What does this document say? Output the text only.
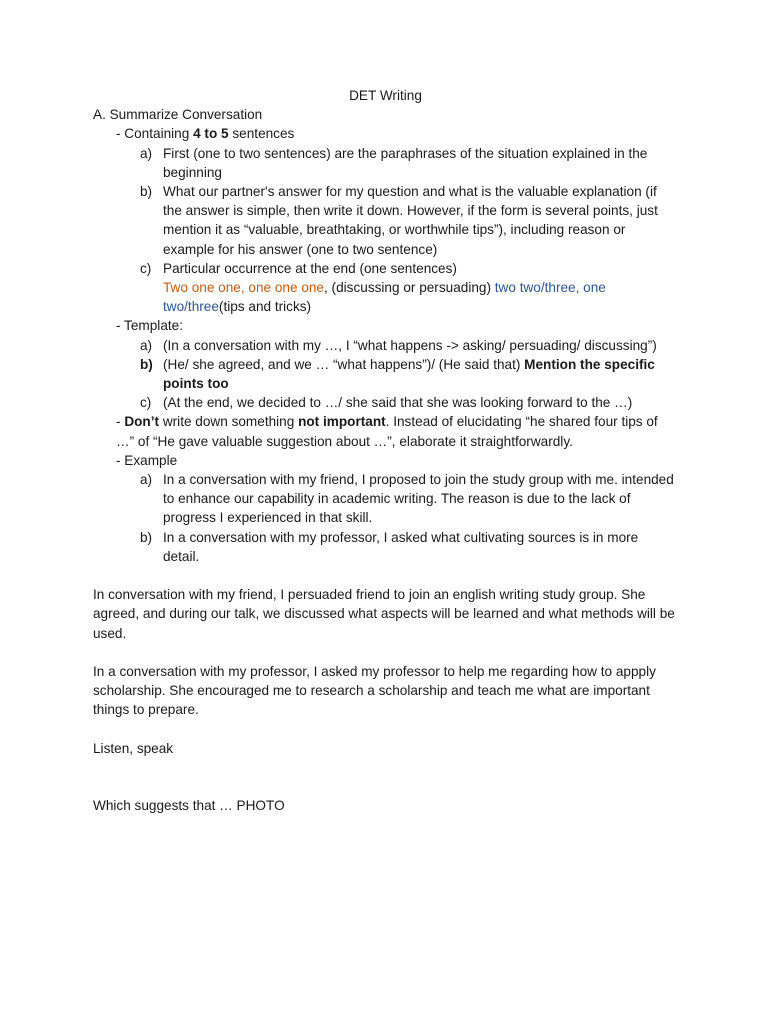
DET Writing

A. Summarize Conversation

- Containing 4 to 5 sentences

a) First (one to two sentences) are the paraphrases of the situation explained in the beginning
b) What our partner's answer for my question and what is the valuable explanation (if the answer is simple, then write it down. However, if the form is several points, just mention it as “valuable, breathtaking, or worthwhile tips”), including reason or example for his answer (one to two sentence)
c) Particular occurrence at the end (one sentences)
Two one one, one one one, (discussing or persuading) two two/three, one two/three(tips and tricks)

- Template:

a) (In a conversation with my …, I “what happens -> asking/ persuading/ discussing”)
b) (He/ she agreed, and we … “what happens”)/ (He said that) Mention the specific points too
c) (At the end, we decided to …/ she said that she was looking forward to the …)

- Don’t write down something not important. Instead of elucidating “he shared four tips of …” of “He gave valuable suggestion about …”, elaborate it straightforwardly.

- Example

a) In a conversation with my friend, I proposed to join the study group with me. intended to enhance our capability in academic writing. The reason is due to the lack of progress I experienced in that skill.
b) In a conversation with my professor, I asked what cultivating sources is in more detail.

In conversation with my friend, I persuaded friend to join an english writing study group. She agreed, and during our talk, we discussed what aspects will be learned and what methods will be used.

In a conversation with my professor, I asked my professor to help me regarding how to appply scholarship. She encouraged me to research a scholarship and teach me what are important things to prepare.

Listen, speak

Which suggests that … PHOTO
